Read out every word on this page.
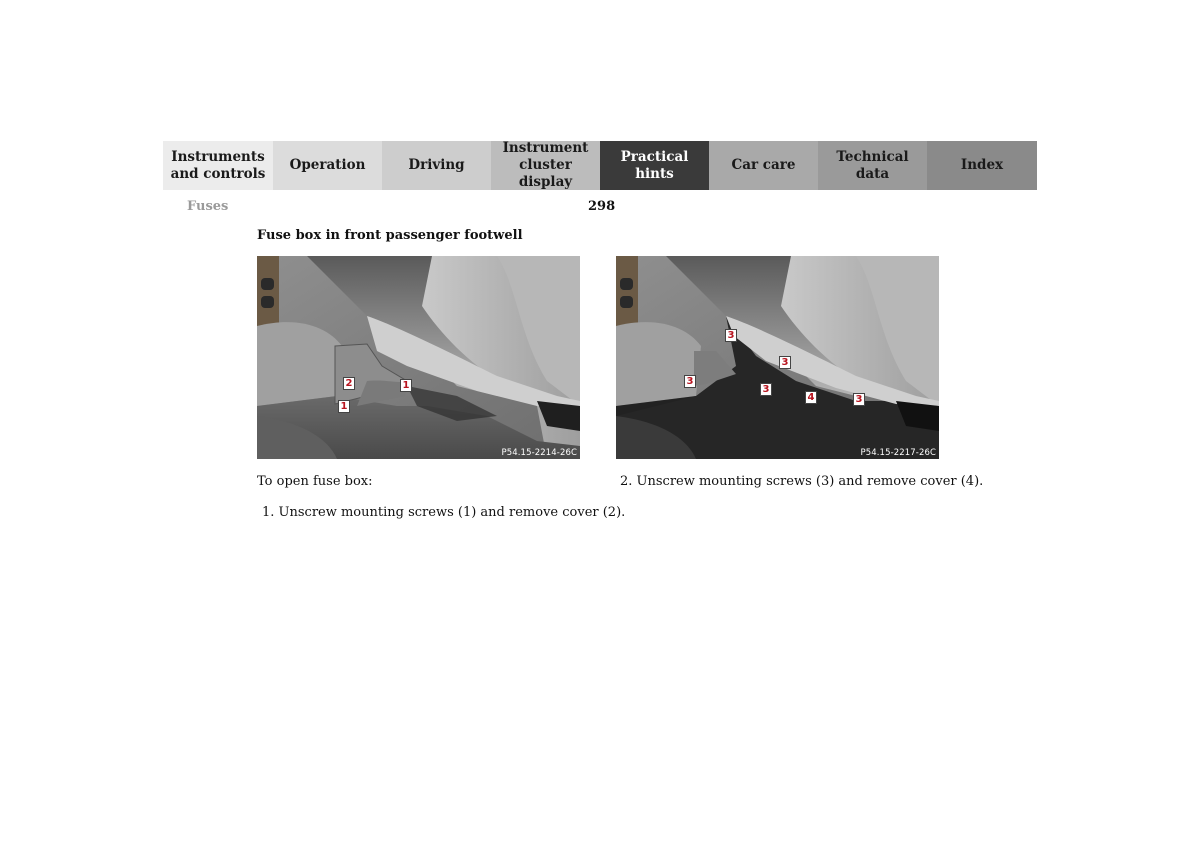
Instruments
and controls
Operation	Driving
Instrument
cluster display
Practical hints
Car care
Technical
data
Index
Fuses	298
Fuse box in front passenger footwell
2	1
1
P54.15-2214-26C
3
3
3
3
4	3
P54.15-2217-26C
To open fuse box:
1. Unscrew mounting screws (1) and remove cover (2).
2. Unscrew mounting screws (3) and remove cover (4).
